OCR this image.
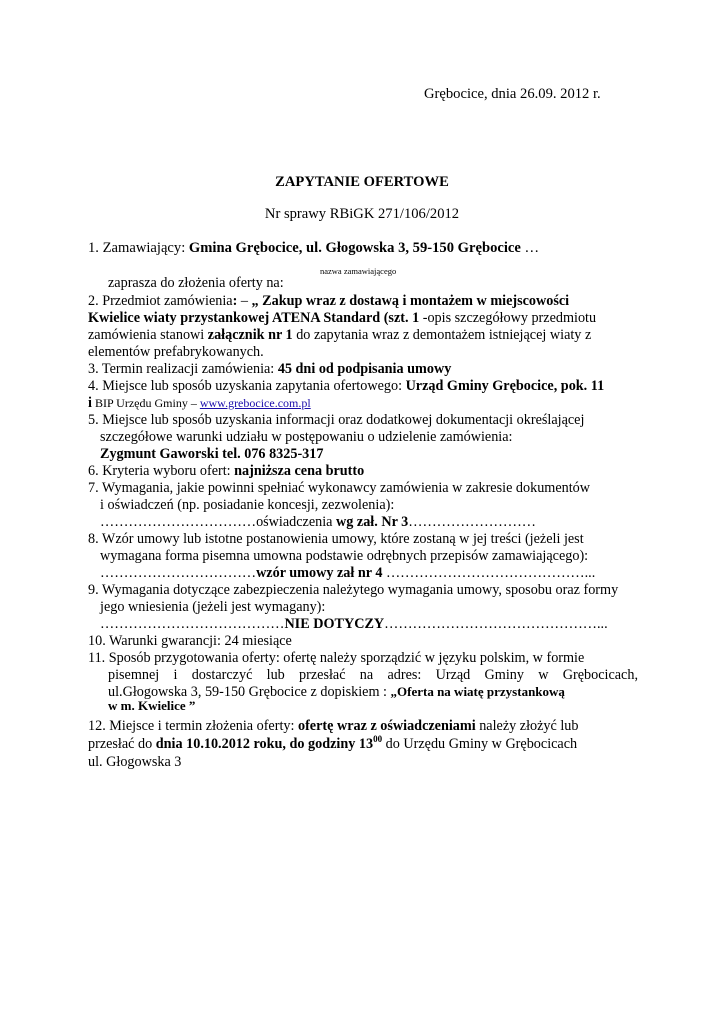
Grębocice, dnia 26.09. 2012 r.
ZAPYTANIE OFERTOWE
Nr sprawy RBiGK 271/106/2012
1. Zamawiający: Gmina Grębocice, ul. Głogowska 3, 59-150 Grębocice …
nazwa zamawiającego
zaprasza do złożenia oferty na:
2. Przedmiot zamówienia: – „ Zakup wraz z dostawą i montażem w miejscowości
Kwielice wiaty przystankowej ATENA Standard (szt. 1 -opis szczegółowy przedmiotu
zamówienia stanowi załącznik nr 1 do zapytania wraz z demontażem istniejącej wiaty z
elementów prefabrykowanych.
3. Termin realizacji zamówienia: 45 dni od podpisania umowy
4. Miejsce lub sposób uzyskania zapytania ofertowego: Urząd Gminy Grębocice, pok. 11
i BIP Urzędu Gminy – www.grebocice.com.pl
5. Miejsce lub sposób uzyskania informacji oraz dodatkowej dokumentacji określającej
szczegółowe warunki udziału w postępowaniu o udzielenie zamówienia:
Zygmunt Gaworski tel. 076 8325-317
6. Kryteria wyboru ofert: najniższa cena brutto
7. Wymagania, jakie powinni spełniać wykonawcy zamówienia w zakresie dokumentów
i oświadczeń (np. posiadanie koncesji, zezwolenia):
……………………………oświadczenia wg zał. Nr 3………………………
8. Wzór umowy lub istotne postanowienia umowy, które zostaną w jej treści (jeżeli jest
wymagana forma pisemna umowna podstawie odrębnych przepisów zamawiającego):
……………………………wzór umowy zał nr 4 ……………………………………...
9. Wymagania dotyczące zabezpieczenia należytego wymagania umowy, sposobu oraz formy
jego wniesienia (jeżeli jest wymagany):
…………………………………NIE DOTYCZY………………………………………...
10. Warunki gwarancji: 24 miesiące
11. Sposób przygotowania oferty: ofertę należy sporządzić w języku polskim, w formie
pisemnej i dostarczyć lub przesłać na adres: Urząd Gminy w Grębocicach,
ul.Głogowska 3, 59-150 Grębocice z dopiskiem : „Oferta na wiatę przystankową
w m. Kwielice ”
12. Miejsce i termin złożenia oferty: ofertę wraz z oświadczeniami należy złożyć lub
przesłać do dnia 10.10.2012 roku, do godziny $13^{00}$ do Urzędu Gminy w Grębocicach
ul. Głogowska 3
